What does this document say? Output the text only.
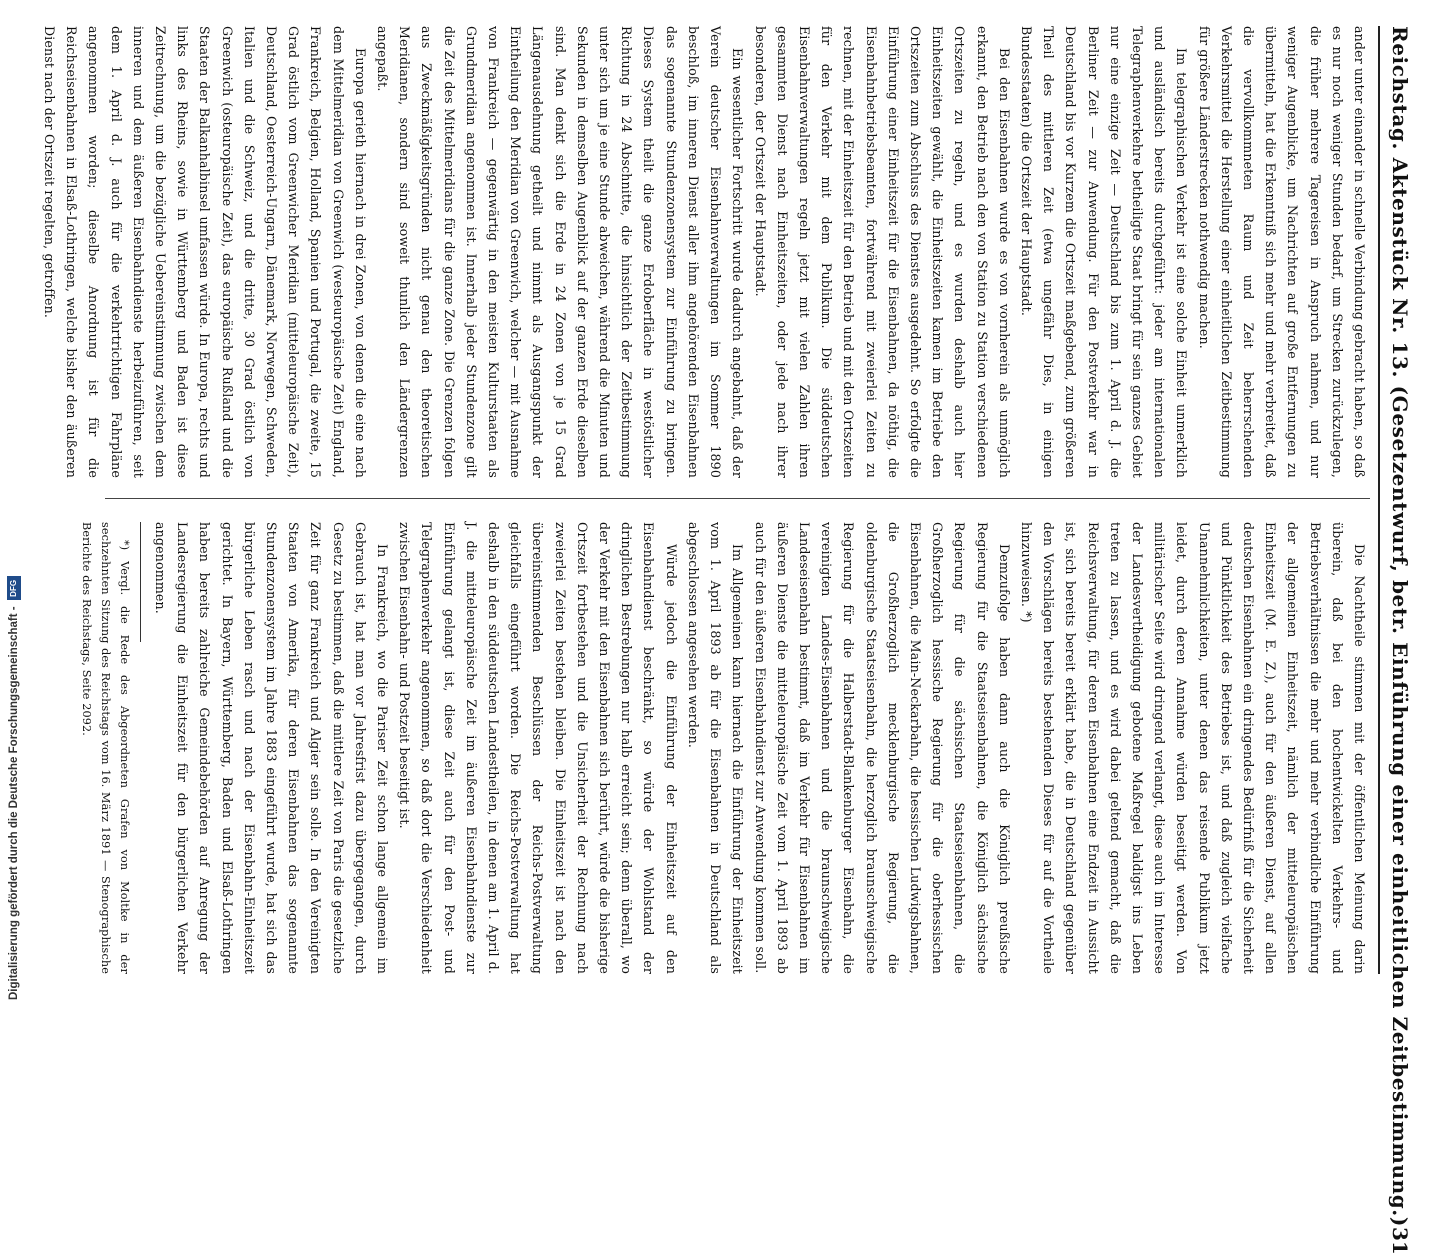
Digitalisierung gefördert durch die Deutsche Forschungsgemeinschaft -
DFG	Reichstag. Aktenstück Nr. 13. (Gesetzentwurf, betr. Einführung einer einheitlichen Zeitbestimmung.)
31

ander unter einander in schnelle Verbindung gebracht haben, so daß es nur noch weniger Stunden bedarf, um Strecken zurückzulegen, die früher mehrere Tagereisen in Anspruch nahmen, und nur weniger Augenblicke, um Nachrichten auf große Entfernungen zu übermitteln, hat die Erkenntniß sich mehr und mehr verbreitet, daß die vervollkommneten Raum und Zeit beherrschenden Verkehrsmittel die Herstellung einer einheitlichen Zeitbestimmung für größere Länderstrecken nothwendig machen.

Im telegraphischen Verkehr ist eine solche Einheit unmerklich und ausländisch bereits durchgeführt: jeder am internationalen Telegraphenverkehre betheiligte Staat bringt für sein ganzes Gebiet nur eine einzige Zeit — Deutschland bis zum 1. April d. J. die Berliner Zeit — zur Anwendung. Für den Postverkehr war in Deutschland bis vor Kurzem die Ortszeit maßgebend, zum größeren Theil des mittleren Zeit (etwa ungefähr Dies, in einigen Bundesstaaten) die Ortszeit der Hauptstadt.

Bei den Eisenbahnen wurde es von vornherein als unmöglich erkannt, den Betrieb nach den von Station zu Station verschiedenen Ortszeiten zu regeln, und es wurden deshalb auch hier Einheitszeiten gewählt, die Einheitszeiten kamen im Betriebe den Ortszeiten zum Abschluss des Dienstes ausgedehnt. So erfolgte die Einführung einer Einheitszeit für die Eisenbahnen, da nöthig, die Eisenbahnbetriebsbeamten, fortwährend mit zweierlei Zeiten zu rechnen, mit der Einheitszeit für den Betrieb und mit den Ortszeiten für den Verkehr mit dem Publikum. Die süddeutschen Eisenbahnverwaltungen regeln jetzt mit vielen Zahlen ihren gesammten Dienst nach Einheitszeiten, oder jede nach ihrer besonderen, der Ortszeit der Hauptstadt.

Ein wesentlicher Fortschritt wurde dadurch angebahnt, daß der Verein deutscher Eisenbahnverwaltungen im Sommer 1890 beschloß, im inneren Dienst aller ihm angehörenden Eisenbahnen das sogenannte Stundenzonensystem zur Einführung zu bringen. Dieses System theilt die ganze Erdoberfläche in westöstlicher Richtung in 24 Abschnitte, die hinsichtlich der Zeitbestimmung unter sich um je eine Stunde abweichen, während die Minuten und Sekunden in demselben Augenblick auf der ganzen Erde dieselben sind. Man denkt sich die Erde in 24 Zonen von je 15 Grad Längenausdehnung getheilt und nimmt als Ausgangspunkt der Eintheilung den Meridian von Greenwich, welcher — mit Ausnahme von Frankreich — gegenwärtig in den meisten Kulturstaaten als Grundmeridian angenommen ist. Innerhalb jeder Stundenzone gilt die Zeit des Mittelmeridians für die ganze Zone. Die Grenzen folgen aus Zweckmäßigkeitsgründen nicht genau den theoretischen Meridianen, sondern sind soweit thunlich den Ländergrenzen angepaßt.

Europa gerieth hiernach in drei Zonen, von denen die eine nach dem Mittelmeridian von Greenwich (westeuropäische Zeit) England, Frankreich, Belgien, Holland, Spanien und Portugal, die zweite, 15 Grad östlich vom Greenwicher Meridian (mitteleuropäische Zeit), Deutschland, Oesterreich-Ungarn, Dänemark, Norwegen, Schweden, Italien und die Schweiz, und die dritte, 30 Grad östlich von Greenwich (osteuropäische Zeit), das europäische Rußland und die Staaten der Balkanhalbinsel umfassen würde. In Europa, rechts und links des Rheins, sowie in Württemberg und Baden ist diese Zeitrechnung, um die bezügliche Uebereinstimmung zwischen dem inneren und dem äußeren Eisenbahndienste herbeizuführen, seit dem 1. April d. J. auch für die verkehrtrichtigen Fahrpläne angenommen worden; dieselbe Anordnung ist für die Reichseisenbahnen in Elsaß-Lothringen, welche bisher den äußeren Dienst nach der Ortszeit regelten, getroffen.

Die Nachtheile stimmen mit der öffentlichen Meinung darin überein, daß bei den hochentwickelten Verkehrs- und Betriebsverhältnissen die mehr und mehr verbindliche Einführung der allgemeinen Einheitszeit, nämlich der mitteleuropäischen Einheitszeit (M. E. Z.), auch für den äußeren Dienst, auf allen deutschen Eisenbahnen ein dringendes Bedürfniß für die Sicherheit und Pünktlichkeit des Betriebes ist, und daß zugleich vielfache Unannehmlichkeiten, unter denen das reisende Publikum jetzt leidet, durch deren Annahme würden beseitigt werden. Von militärischer Seite wird dringend verlangt, diese auch im Interesse der Landesvertheidigung gebotene Maßregel baldigst ins Leben treten zu lassen, und es wird dabei geltend gemacht, daß die Reichsverwaltung, für deren Eisenbahnen eine Endzeit in Aussicht ist, sich bereits bereit erklärt habe, die in Deutschland gegenüber den Vorschlägen bereits bestehenden Dieses für auf die Vortheile hinzuweisen. *)

Demzufolge haben dann auch die Königlich preußische Regierung für die Staatseisenbahnen, die Königlich sächsische Regierung für die sächsischen Staatseisenbahnen, die Großherzoglich hessische Regierung für die oberhessischen Eisenbahnen, die Main-Neckarbahn, die hessischen Ludwigsbahnen, die Großherzoglich mecklenburgische Regierung, die oldenburgische Staatseisenbahn, die herzoglich braunschweigische Regierung für die Halberstadt-Blankenburger Eisenbahn, die vereinigten Landes-Eisenbahnen und die braunschweigische Landeseisenbahn bestimmt, daß im Verkehr für Eisenbahnen im äußeren Dienste die mitteleuropäische Zeit vom 1. April 1893 ab auch für den äußeren Eisenbahndienst zur Anwendung kommen soll.

Im Allgemeinen kann hiernach die Einführung der Einheitszeit vom 1. April 1893 ab für die Eisenbahnen in Deutschland als abgeschlossen angesehen werden.

Würde jedoch die Einführung der Einheitszeit auf den Eisenbahndienst beschränkt, so würde der Wohlstand der dringlichen Bestrebungen nur halb erreicht sein; denn überall, wo der Verkehr mit den Eisenbahnen sich berührt, würde die bisherige Ortszeit fortbestehen und die Unsicherheit der Rechnung nach zweierlei Zeiten bestehen bleiben. Die Einheitszeit ist nach den übereinstimmenden Beschlüssen der Reichs-Postverwaltung gleichfalls eingeführt worden. Die Reichs-Postverwaltung hat deshalb in den süddeutschen Landestheilen, in denen am 1. April d. J. die mitteleuropäische Zeit im äußeren Eisenbahndienste zur Einführung gelangt ist, diese Zeit auch für den Post- und Telegraphenverkehr angenommen, so daß dort die Verschiedenheit zwischen Eisenbahn- und Postzeit beseitigt ist.

In Frankreich, wo die Pariser Zeit schon lange allgemein im Gebrauch ist, hat man vor Jahresfrist dazu übergegangen, durch Gesetz zu bestimmen, daß die mittlere Zeit von Paris die gesetzliche Zeit für ganz Frankreich und Algier sein solle. In den Vereinigten Staaten von Amerika, für deren Eisenbahnen das sogenannte Stundenzonensystem im Jahre 1883 eingeführt wurde, hat sich das bürgerliche Leben rasch und nach der Eisenbahn-Einheitszeit gerichtet. In Bayern, Württemberg, Baden und Elsaß-Lothringen haben bereits zahlreiche Gemeindebehörden auf Anregung der Landesregierung die Einheitszeit für den bürgerlichen Verkehr angenommen.

*) Vergl. die Rede des Abgeordneten Grafen von Moltke in der sechzehnten Sitzung des Reichstags vom 16. März 1891 — Stenographische Berichte des Reichstags, Seite 2092.
